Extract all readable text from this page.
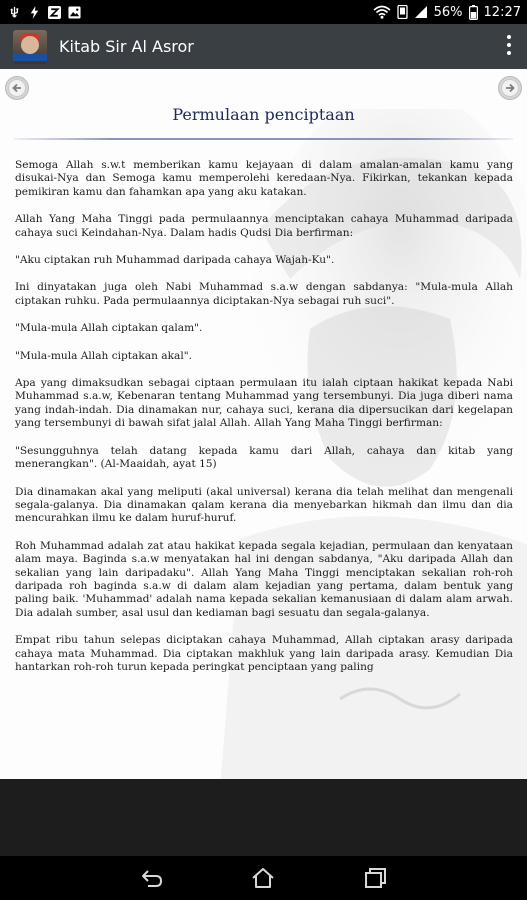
56% 12:27
Kitab Sir Al Asror
Permulaan penciptaan

Semoga Allah s.w.t memberikan kamu kejayaan di dalam amalan-amalan kamu yang disukai-Nya dan Semoga kamu memperolehi keredaan-Nya. Fikirkan, tekankan kepada pemikiran kamu dan fahamkan apa yang aku katakan.

Allah Yang Maha Tinggi pada permulaannya menciptakan cahaya Muhammad daripada cahaya suci Keindahan-Nya. Dalam hadis Qudsi Dia berfirman:

"Aku ciptakan ruh Muhammad daripada cahaya Wajah-Ku".

Ini dinyatakan juga oleh Nabi Muhammad s.a.w dengan sabdanya: "Mula-mula Allah ciptakan ruhku. Pada permulaannya diciptakan-Nya sebagai ruh suci".

"Mula-mula Allah ciptakan qalam".

"Mula-mula Allah ciptakan akal".

Apa yang dimaksudkan sebagai ciptaan permulaan itu ialah ciptaan hakikat kepada Nabi Muhammad s.a.w, Kebenaran tentang Muhammad yang tersembunyi. Dia juga diberi nama yang indah-indah. Dia dinamakan nur, cahaya suci, kerana dia dipersucikan dari kegelapan yang tersembunyi di bawah sifat jalal Allah. Allah Yang Maha Tinggi berfirman:

"Sesungguhnya telah datang kepada kamu dari Allah, cahaya dan kitab yang menerangkan". (Al-Maaidah, ayat 15)

Dia dinamakan akal yang meliputi (akal universal) kerana dia telah melihat dan mengenali segala-galanya. Dia dinamakan qalam kerana dia menyebarkan hikmah dan ilmu dan dia mencurahkan ilmu ke dalam huruf-huruf.

Roh Muhammad adalah zat atau hakikat kepada segala kejadian, permulaan dan kenyataan alam maya. Baginda s.a.w menyatakan hal ini dengan sabdanya, "Aku daripada Allah dan sekalian yang lain daripadaku". Allah Yang Maha Tinggi menciptakan sekalian roh-roh daripada roh baginda s.a.w di dalam alam kejadian yang pertama, dalam bentuk yang paling baik. 'Muhammad' adalah nama kepada sekalian kemanusiaan di dalam alam arwah. Dia adalah sumber, asal usul dan kediaman bagi sesuatu dan segala-galanya.

Empat ribu tahun selepas diciptakan cahaya Muhammad, Allah ciptakan arasy daripada cahaya mata Muhammad. Dia ciptakan makhluk yang lain daripada arasy. Kemudian Dia hantarkan roh-roh turun kepada peringkat penciptaan yang paling
